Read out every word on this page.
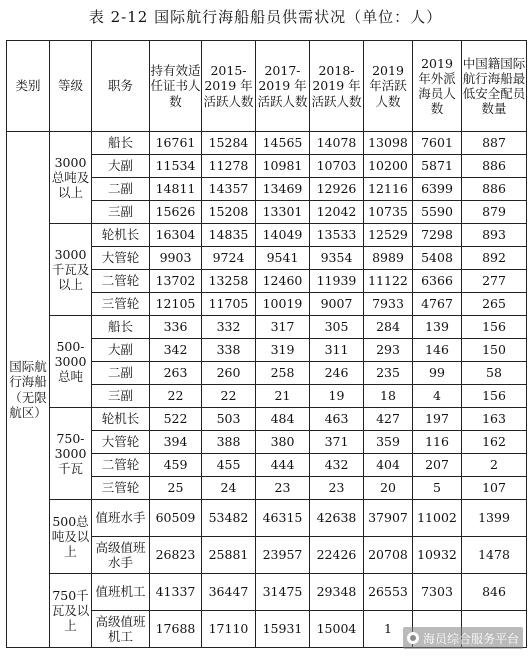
表 2-12 国际航行海船船员供需状况（单位：人）
类别	等级	职务	持有效适任证书人数	2015-2019 年活跃人数	2017-2019 年活跃人数	2018-2019 年活跃人数	2019 年活跃人数	2019 年外派海员人数	中国籍国际航行海船最低安全配员数量
国际航行海船（无限航区）	3000总吨及以上	船长	16761	15284	14565	14078	13098	7601	887
		大副	11534	11278	10981	10703	10200	5871	886
		二副	14811	14357	13469	12926	12116	6399	886
		三副	15626	15208	13301	12042	10735	5590	879
	3000千瓦及以上	轮机长	16304	14835	14049	13533	12529	7298	893
		大管轮	9903	9724	9541	9354	8989	5408	892
		二管轮	13702	13258	12460	11939	11122	6366	277
		三管轮	12105	11705	10019	9007	7933	4767	265
	500-3000总吨	船长	336	332	317	305	284	139	156
		大副	342	338	319	311	293	146	150
		二副	263	260	258	246	235	99	58
		三副	22	22	21	19	18	4	156
	750-3000千瓦	轮机长	522	503	484	463	427	197	163
		大管轮	394	388	380	371	359	116	162
		二管轮	459	455	444	432	404	207	2
		三管轮	25	24	23	23	20	5	107
	500总吨及以上	值班水手	60509	53482	46315	42638	37907	11002	1399
		高级值班水手	26823	25881	23957	22426	20708	10932	1478
	750千瓦及以上	值班机工	41337	36447	31475	29348	26553	7303	846
		高级值班机工	17688	17110	15931	15004	1		
海员综合服务平台
